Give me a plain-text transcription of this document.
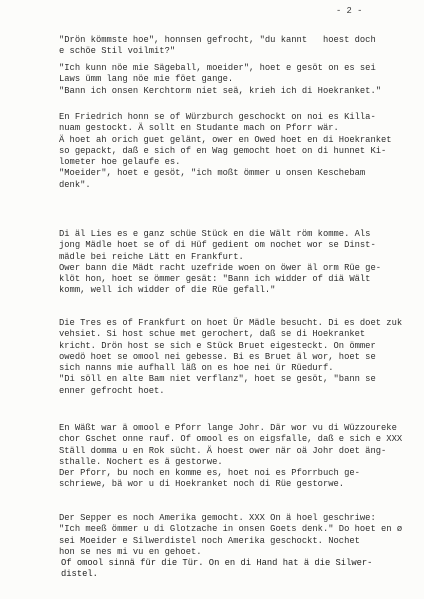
- 2 -
"Drön kömmste hoe", honnsen gefrocht, "du kannt   hoest doch
e schöe Stil voilmit?"
"Ich kunn nöe mie Sägeball, moeider", hoet e gesöt on es sei
Laws ümm lang nöe mie föet gange.
"Bann ich onsen Kerchtorm niet seä, krieh ich di Hoekranket."
En Friedrich honn se of Würzburch geschockt on noi es Killa-
nuam gestockt. Ä sollt en Studante mach on Pforr wär.
Ä hoet ah orich guet gelänt, ower en Owed hoet en di Hoekranket
so gepackt, daß e sich of en Wag gemocht hoet on di hunnet Ki-
lometer hoe gelaufe es.
"Moeider", hoet e gesöt, "ich moßt ömmer u onsen Keschebam
denk".
Di äl Lies es e ganz schüe Stück en die Wält röm komme. Als
jong Mädle hoet se of di Hüf gedient om nochet wor se Dinst-
mädle bei reiche Lätt en Frankfurt.
Ower bann die Mädt racht uzefride woen on öwer äl orm Rüe ge-
klöt hon, hoet se ömmer gesät: "Bann ich widder of diä Wält
komm, well ich widder of die Rüe gefall."
Die Tres es of Frankfurt on hoet Ür Mädle besucht. Di es doet zuk
vehsiet. Si host schue met gerochert, daß se di Hoekranket
kricht. Drön host se sich e Stück Bruet eigesteckt. On ömmer
owedö hoet se omool nei gebesse. Bi es Bruet äl wor, hoet se
sich nanns mie aufhall läß on es hoe nei ür Rüedurf.
"Di söll en alte Bam niet verflanz", hoet se gesöt, "bann se
enner gefrocht hoet.
En Wäßt war ä omool e Pforr lange Johr. Där wor vu di Wüzzoureke
chor Gschet onne rauf. Of omool es on eigsfalle, daß e sich e XXX
Ställ domma u en Rok sücht. Ä hoest ower när oä Johr doet äng-
sthalle. Nochert es ä gestorwe.
Der Pforr, bu noch en komme es, hoet noi es Pforrbuch ge-
schriewe, bä wor u di Hoekranket noch di Rüe gestorwe.
Der Sepper es noch Amerika gemocht. XXX On ä hoel geschriwe:
"Ich meeß ömmer u di Glotzache in onsen Goets denk." Do hoet en ø
sei Moeider e Silwerdistel noch Amerika geschockt. Nochet
hon se nes mi vu en gehoet.
Of omool sinnä für die Tür. On en di Hand hat ä die Silwer-
distel.
